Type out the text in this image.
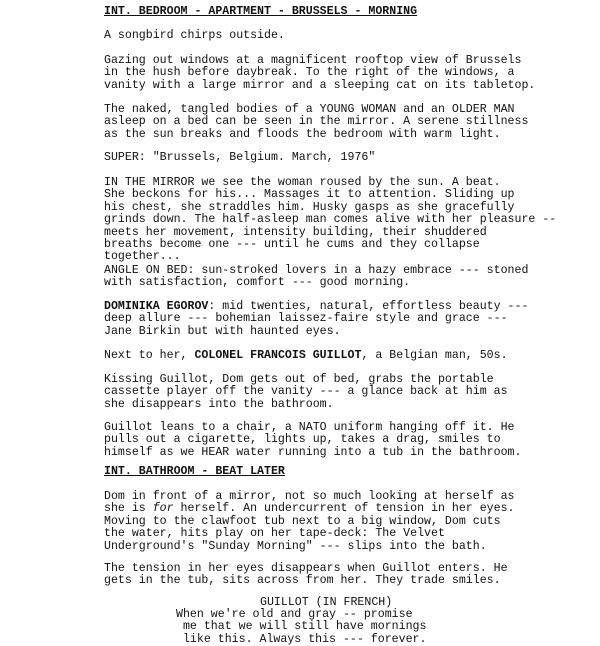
INT. BEDROOM - APARTMENT - BRUSSELS - MORNING
A songbird chirps outside.
Gazing out windows at a magnificent rooftop view of Brussels
in the hush before daybreak. To the right of the windows, a
vanity with a large mirror and a sleeping cat on its tabletop.
The naked, tangled bodies of a YOUNG WOMAN and an OLDER MAN
asleep on a bed can be seen in the mirror. A serene stillness
as the sun breaks and floods the bedroom with warm light.
SUPER: "Brussels, Belgium. March, 1976"
IN THE MIRROR we see the woman roused by the sun. A beat.
She beckons for his... Massages it to attention. Sliding up
his chest, she straddles him. Husky gasps as she gracefully
grinds down. The half-asleep man comes alive with her pleasure --
meets her movement, intensity building, their shuddered
breaths become one --- until he cums and they collapse
together...
ANGLE ON BED: sun-stroked lovers in a hazy embrace --- stoned
with satisfaction, comfort --- good morning.
DOMINIKA EGOROV: mid twenties, natural, effortless beauty ---
deep allure --- bohemian laissez-faire style and grace ---
Jane Birkin but with haunted eyes.
Next to her, COLONEL FRANCOIS GUILLOT, a Belgian man, 50s.
Kissing Guillot, Dom gets out of bed, grabs the portable
cassette player off the vanity --- a glance back at him as
she disappears into the bathroom.
Guillot leans to a chair, a NATO uniform hanging off it. He
pulls out a cigarette, lights up, takes a drag, smiles to
himself as we HEAR water running into a tub in the bathroom.
INT. BATHROOM - BEAT LATER
Dom in front of a mirror, not so much looking at herself as
she is for herself. An undercurrent of tension in her eyes.
Moving to the clawfoot tub next to a big window, Dom cuts
the water, hits play on her tape-deck: The Velvet
Underground's "Sunday Morning" --- slips into the bath.
The tension in her eyes disappears when Guillot enters. He
gets in the tub, sits across from her. They trade smiles.
GUILLOT (IN FRENCH)
When we're old and gray -- promise
me that we will still have mornings
like this. Always this --- forever.
